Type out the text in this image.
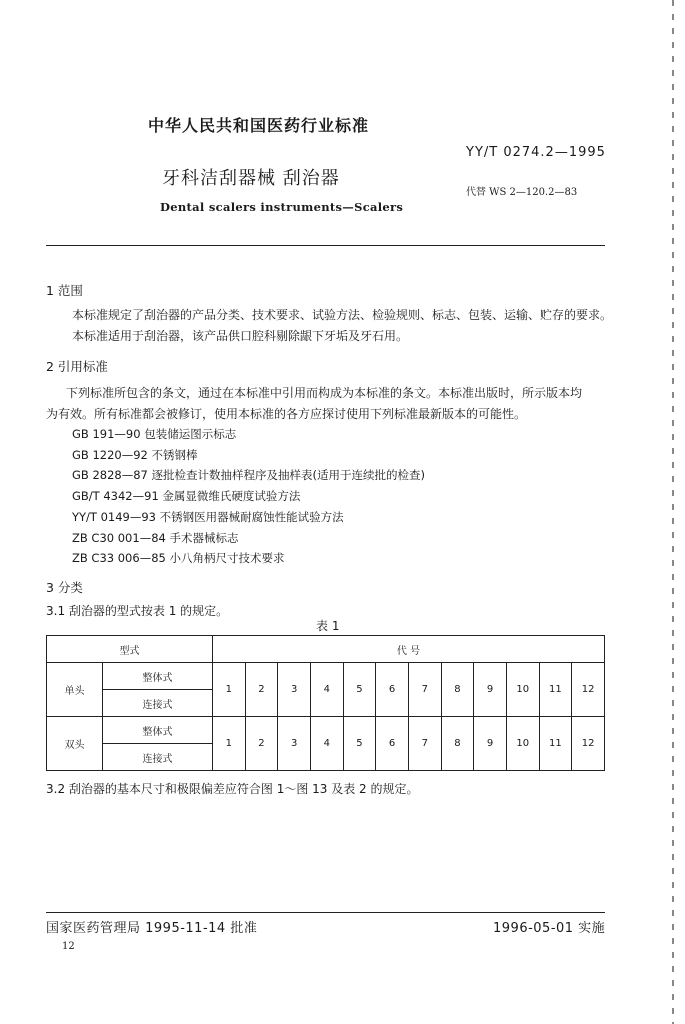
中华人民共和国医药行业标准
YY/T 0274.2—1995
牙科洁刮器械 刮治器
代替 WS 2—120.2—83
Dental scalers instruments—Scalers
1 范围
本标准规定了刮治器的产品分类、技术要求、试验方法、检验规则、标志、包装、运输、贮存的要求。
本标准适用于刮治器，该产品供口腔科剔除龈下牙垢及牙石用。
2 引用标准
下列标准所包含的条文，通过在本标准中引用而构成为本标准的条文。本标准出版时，所示版本均
为有效。所有标准都会被修订，使用本标准的各方应探讨使用下列标准最新版本的可能性。
GB 191—90 包装储运图示标志
GB 1220—92 不锈钢棒
GB 2828—87 逐批检查计数抽样程序及抽样表(适用于连续批的检查)
GB/T 4342—91 金属显微维氏硬度试验方法
YY/T 0149—93 不锈钢医用器械耐腐蚀性能试验方法
ZB C30 001—84 手术器械标志
ZB C33 006—85 小八角柄尺寸技术要求
3 分类
3.1 刮治器的型式按表 1 的规定。
表 1
型式		代 号											
单头	整体式	1	2	3	4	5	6	7	8	9	10	11	12
	连接式												
双头	整体式	1	2	3	4	5	6	7	8	9	10	11	12
	连接式												
3.2 刮治器的基本尺寸和极限偏差应符合图 1～图 13 及表 2 的规定。
国家医药管理局 1995-11-14 批准	1996-05-01 实施
12
